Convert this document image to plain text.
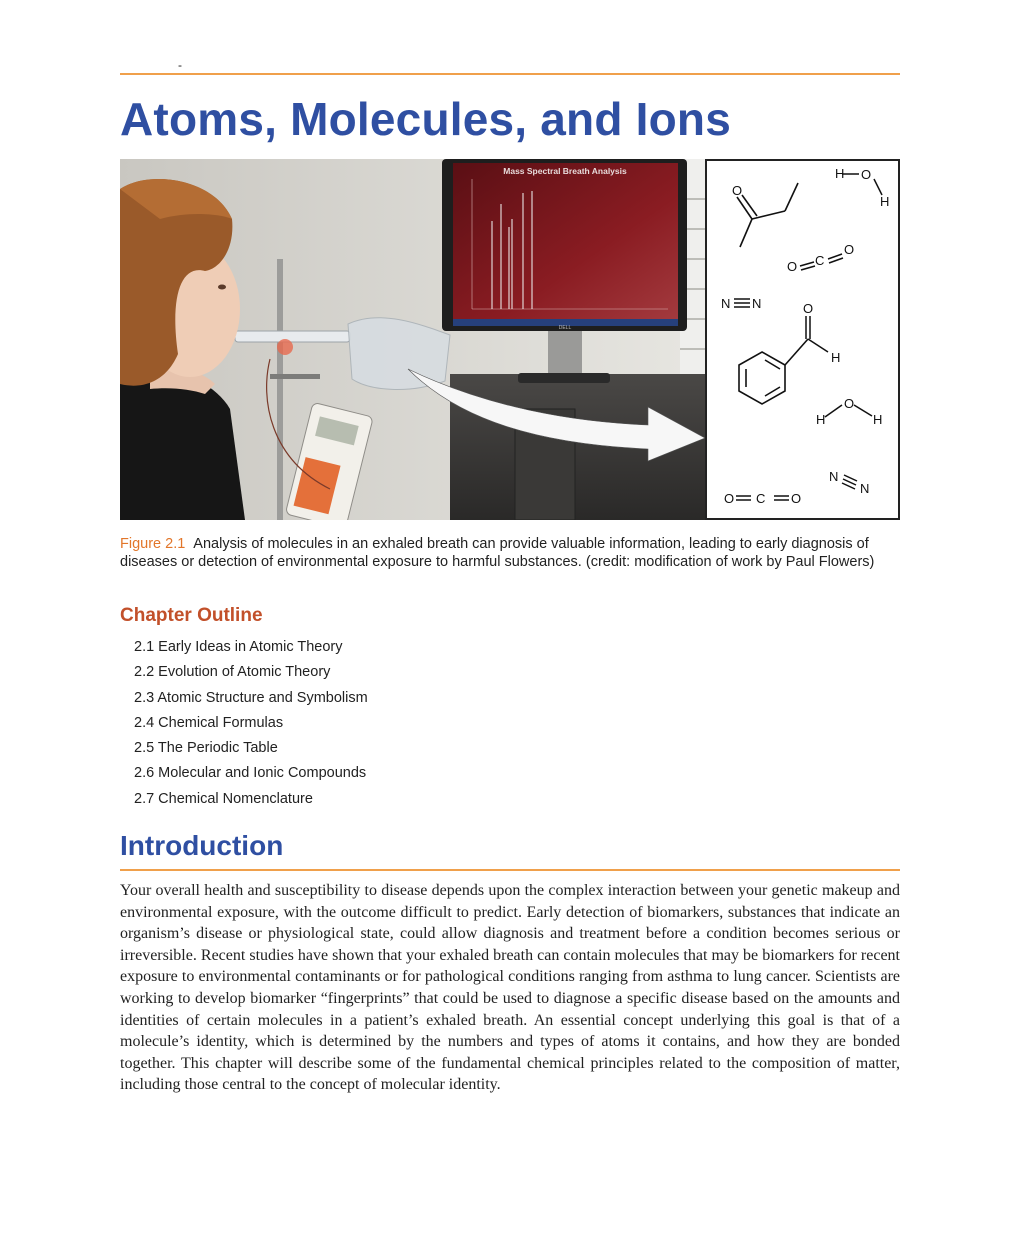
-
Atoms, Molecules, and Ions
Mass Spectral Breath Analysis
DELL
H O
H
O
O C
O
N N	O
H
H
O
H
N
N
O C O
Figure 2.1 Analysis of molecules in an exhaled breath can provide valuable information, leading to early diagnosis of diseases or detection of environmental exposure to harmful substances. (credit: modification of work by Paul Flowers)
Chapter Outline
2.1 Early Ideas in Atomic Theory
2.2 Evolution of Atomic Theory
2.3 Atomic Structure and Symbolism
2.4 Chemical Formulas
2.5 The Periodic Table
2.6 Molecular and Ionic Compounds
2.7 Chemical Nomenclature
Introduction

Your overall health and susceptibility to disease depends upon the complex interaction between your genetic makeup and environmental exposure, with the outcome difficult to predict. Early detection of biomarkers, substances that indicate an organism’s disease or physiological state, could allow diagnosis and treatment before a condition becomes serious or irreversible. Recent studies have shown that your exhaled breath can contain molecules that may be biomarkers for recent exposure to environmental contaminants or for pathological conditions ranging from asthma to lung cancer. Scientists are working to develop biomarker “fingerprints” that could be used to diagnose a specific disease based on the amounts and identities of certain molecules in a patient’s exhaled breath. An essential concept underlying this goal is that of a molecule’s identity, which is determined by the numbers and types of atoms it contains, and how they are bonded together. This chapter will describe some of the fundamental chemical principles related to the composition of matter, including those central to the concept of molecular identity.
